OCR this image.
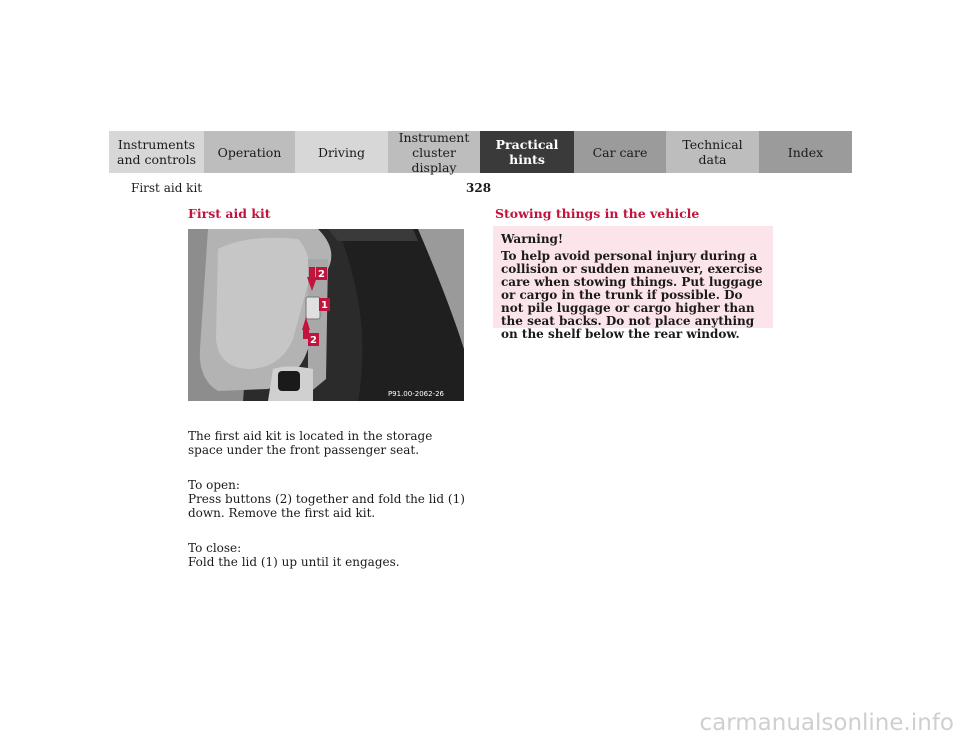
Instruments
and controls	Operation	Driving
Instrument
cluster display
Practical hints	Car care	Technical
data	Index
First aid kit	328
First aid kit
2
1
2
P91.00-2062-26

The first aid kit is located in the storage space under the front passenger seat.

To open:
Press buttons (2) together and fold the lid (1) down. Remove the first aid kit.

To close:
Fold the lid (1) up until it engages.

Stowing things in the vehicle
Warning!
To help avoid personal injury during a collision or sudden maneuver, exercise care when stowing things. Put luggage or cargo in the trunk if possible. Do not pile luggage or cargo higher than the seat backs. Do not place anything on the shelf below the rear window.
carmanualsonline.info
